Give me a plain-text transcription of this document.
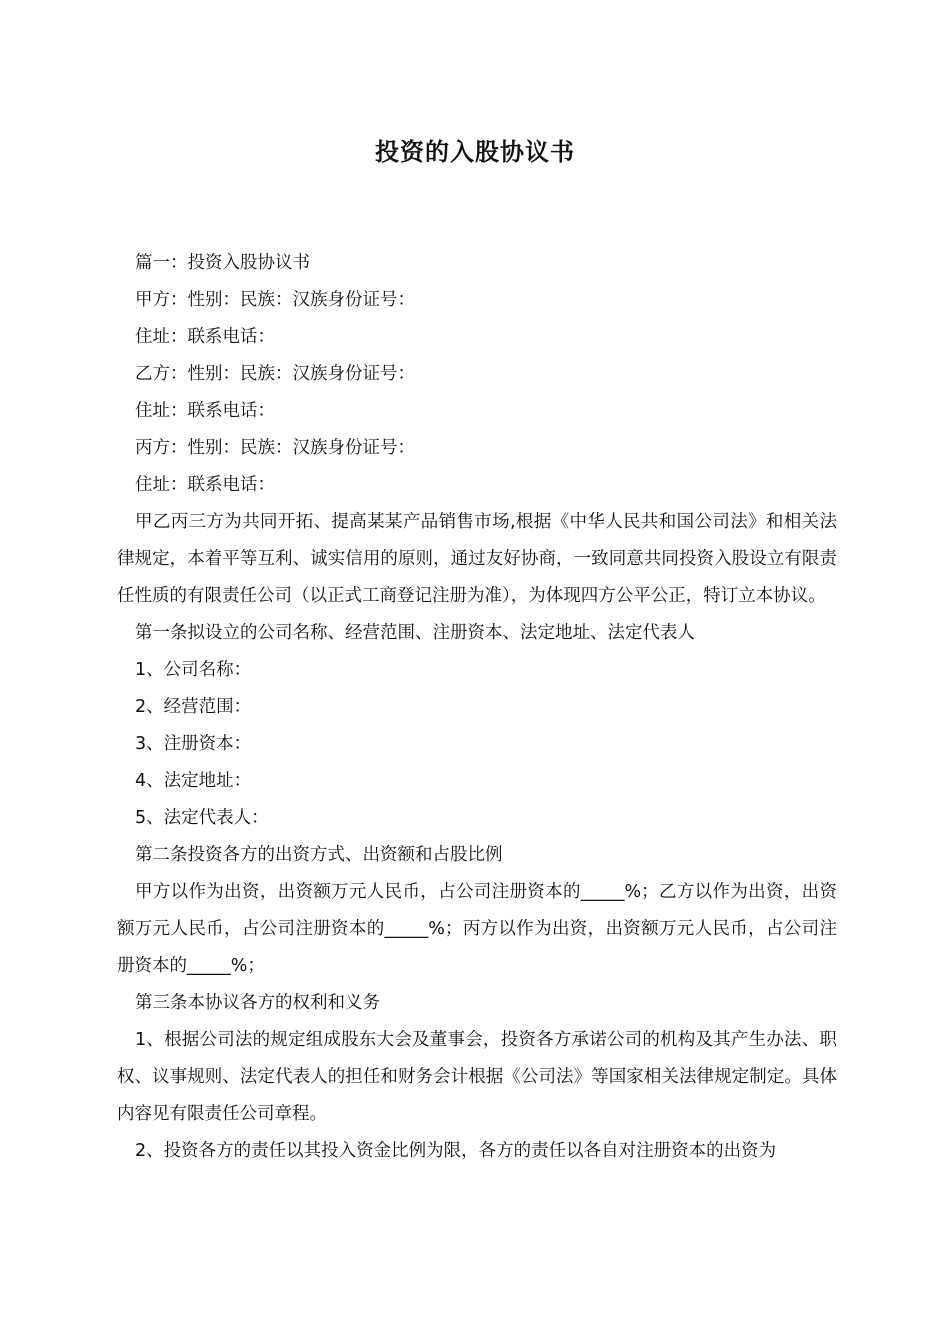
投资的入股协议书

篇一：投资入股协议书

甲方：性别：民族：汉族身份证号：

住址：联系电话：

乙方：性别：民族：汉族身份证号：

住址：联系电话：

丙方：性别：民族：汉族身份证号：

住址：联系电话：

甲乙丙三方为共同开拓、提高某某产品销售市场,根据《中华人民共和国公司法》和相关法律规定，本着平等互利、诚实信用的原则，通过友好协商，一致同意共同投资入股设立有限责任性质的有限责任公司（以正式工商登记注册为准），为体现四方公平公正，特订立本协议。

第一条拟设立的公司名称、经营范围、注册资本、法定地址、法定代表人

1、公司名称：

2、经营范围：

3、注册资本：

4、法定地址：

5、法定代表人：

第二条投资各方的出资方式、出资额和占股比例

甲方以作为出资，出资额万元人民币，占公司注册资本的_____%；乙方以作为出资，出资额万元人民币，占公司注册资本的_____%；丙方以作为出资，出资额万元人民币，占公司注册资本的_____%；

第三条本协议各方的权利和义务

1、根据公司法的规定组成股东大会及董事会，投资各方承诺公司的机构及其产生办法、职权、议事规则、法定代表人的担任和财务会计根据《公司法》等国家相关法律规定制定。具体内容见有限责任公司章程。

2、投资各方的责任以其投入资金比例为限，各方的责任以各自对注册资本的出资为
